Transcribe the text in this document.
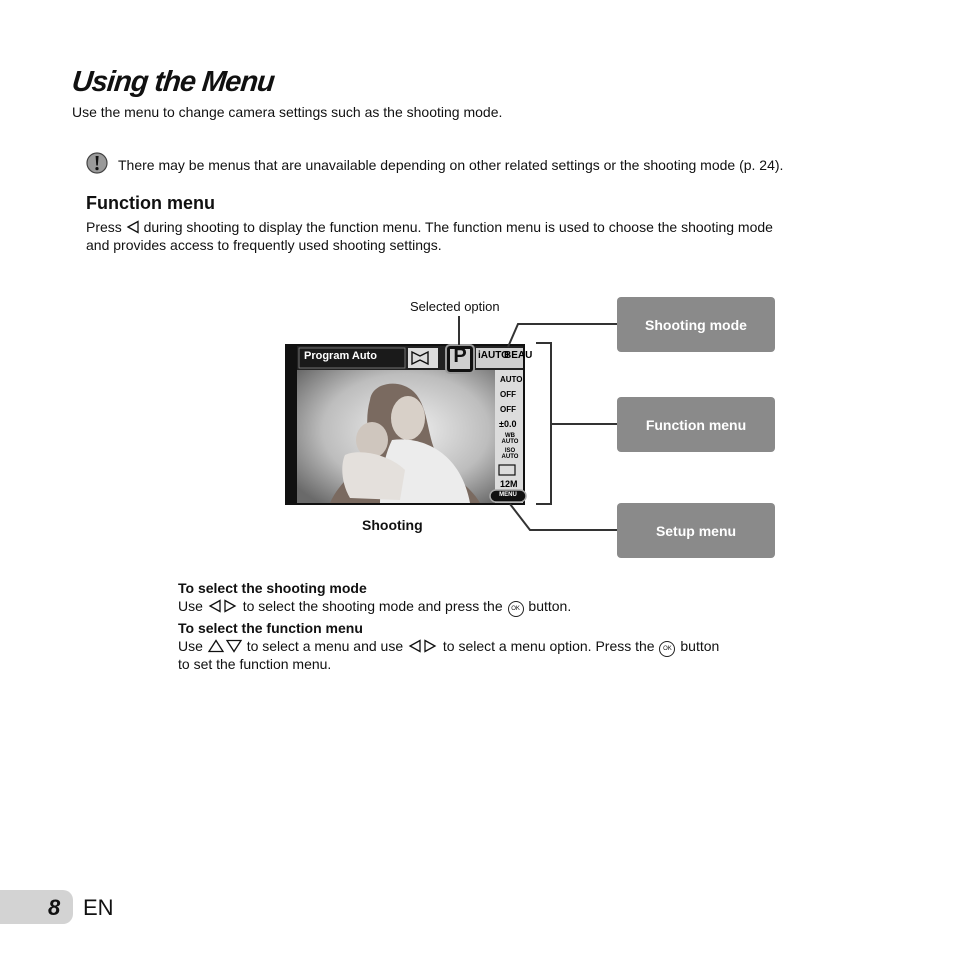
Using the Menu
Use the menu to change camera settings such as the shooting mode.
There may be menus that are unavailable depending on other related settings or the shooting mode (p. 24).
Function menu
Press during shooting to display the function menu. The function menu is used to choose the shooting mode
and provides access to frequently used shooting settings.
Program Auto	P	iAUTO
BEAU
AUTO
OFF
OFF
±0.0
WB AUTO
ISO AUTO
12M
MENU
Selected option
Shooting
Shooting mode
Function menu
Setup menu
To select the shooting mode
Use	to select the shooting mode and press the OK button.
To select the function menu
Use	to select a menu and use	to select a menu option. Press the OK button
to set the function menu.
8 EN
